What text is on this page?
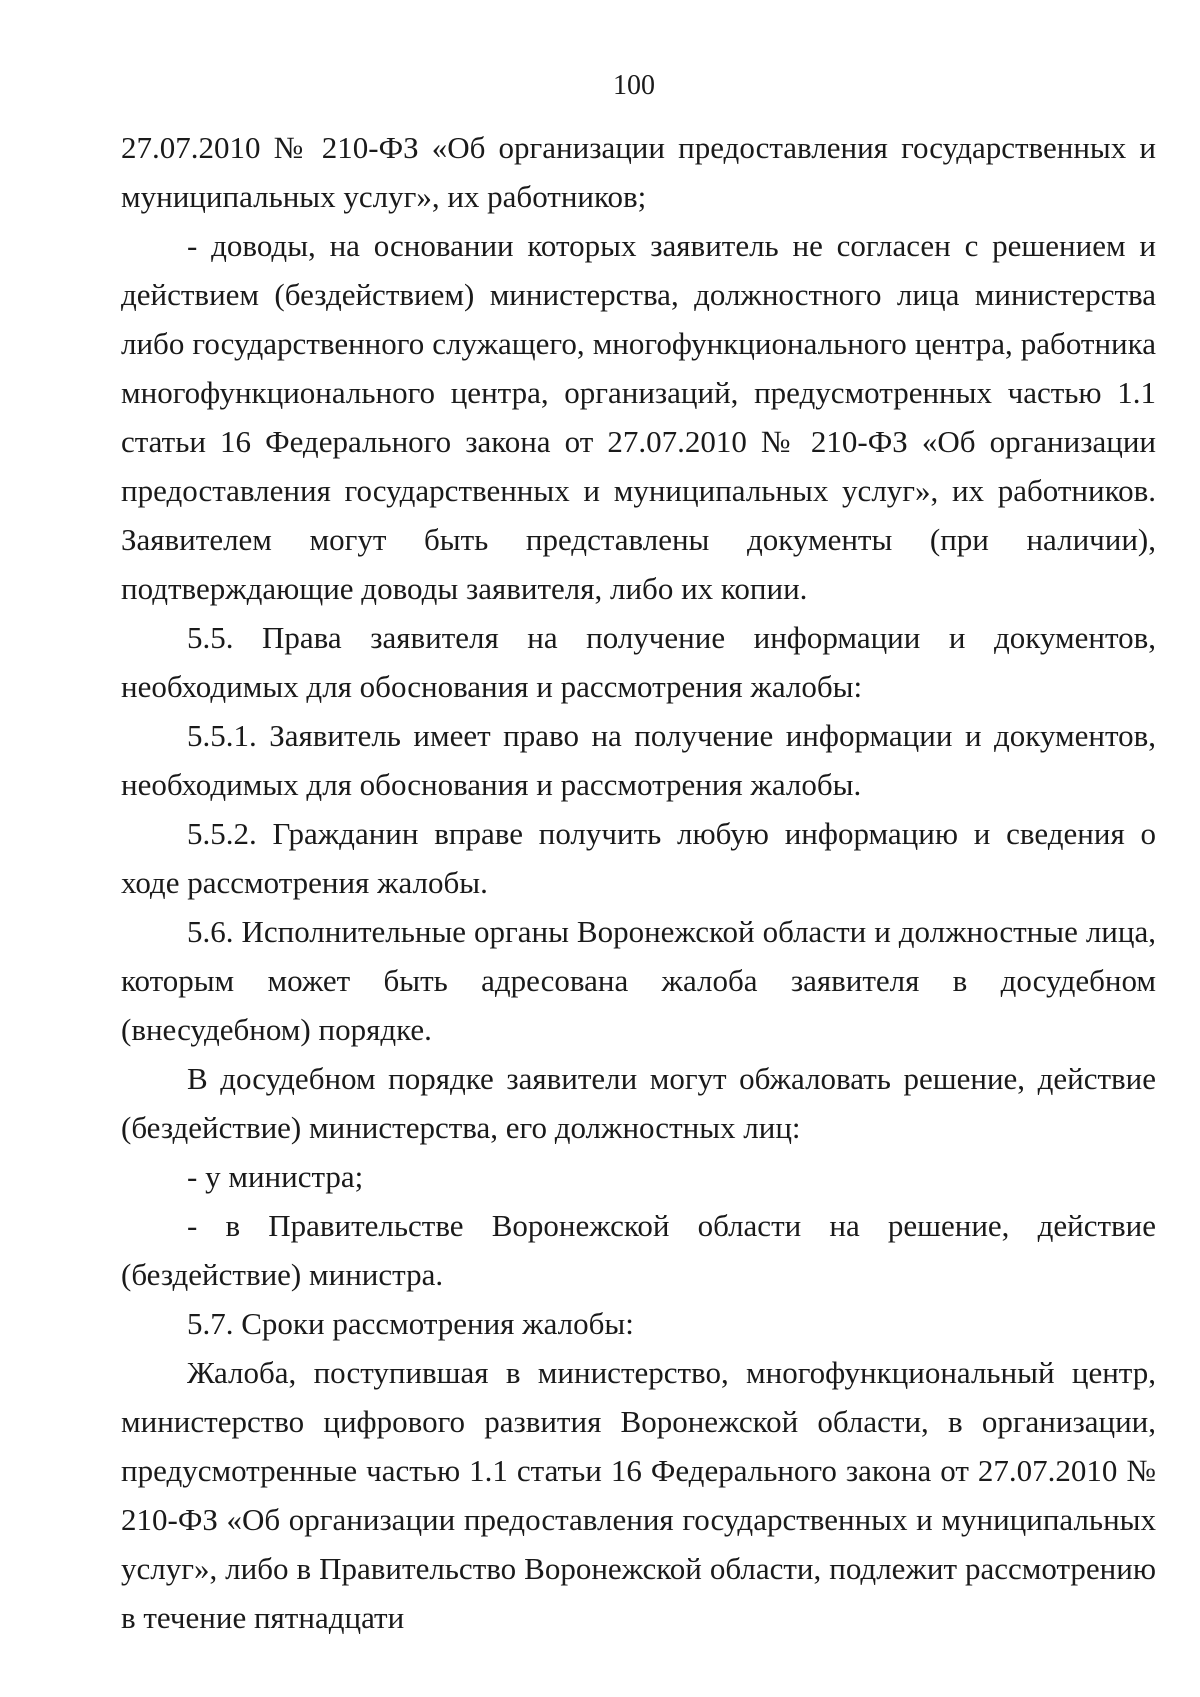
100

27.07.2010 № 210-ФЗ «Об организации предоставления государственных и муниципальных услуг», их работников;

- доводы, на основании которых заявитель не согласен с решением и действием (бездействием) министерства, должностного лица министерства либо государственного служащего, многофункционального центра, работника многофункционального центра, организаций, предусмотренных частью 1.1 статьи 16 Федерального закона от 27.07.2010 № 210-ФЗ «Об организации предоставления государственных и муниципальных услуг», их работников. Заявителем могут быть представлены документы (при наличии), подтверждающие доводы заявителя, либо их копии.

5.5. Права заявителя на получение информации и документов, необходимых для обоснования и рассмотрения жалобы:

5.5.1. Заявитель имеет право на получение информации и документов, необходимых для обоснования и рассмотрения жалобы.

5.5.2. Гражданин вправе получить любую информацию и сведения о ходе рассмотрения жалобы.

5.6. Исполнительные органы Воронежской области и должностные лица, которым может быть адресована жалоба заявителя в досудебном (внесудебном) порядке.

В досудебном порядке заявители могут обжаловать решение, действие (бездействие) министерства, его должностных лиц:

- у министра;

- в Правительстве Воронежской области на решение, действие (бездействие) министра.

5.7. Сроки рассмотрения жалобы:

Жалоба, поступившая в министерство, многофункциональный центр, министерство цифрового развития Воронежской области, в организации, предусмотренные частью 1.1 статьи 16 Федерального закона от 27.07.2010 № 210-ФЗ «Об организации предоставления государственных и муниципальных услуг», либо в Правительство Воронежской области, подлежит рассмотрению в течение пятнадцати
